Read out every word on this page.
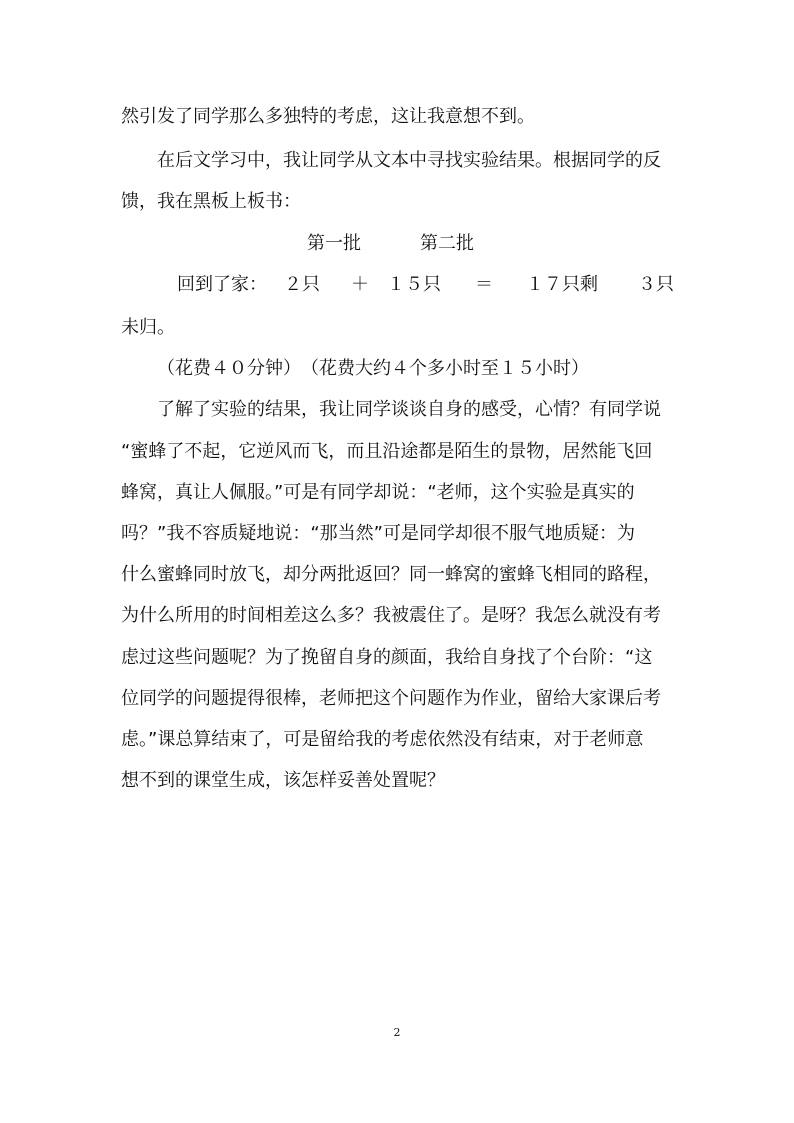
然引发了同学那么多独特的考虑，这让我意想不到。
在后文学习中，我让同学从文本中寻找实验结果。根据同学的反
馈，我在黑板上板书：
第一批	第二批
回到了家： ２只 ＋ １５只 ＝ １７只剩 ３只
未归。
（花费４０分钟）　（花费大约４个多小时至１５小时）
了解了实验的结果，我让同学谈谈自身的感受，心情？有同学说
“蜜蜂了不起，它逆风而飞，而且沿途都是陌生的景物，居然能飞回
蜂窝，真让人佩服。”可是有同学却说：“老师，这个实验是真实的
吗？”我不容质疑地说：“那当然”可是同学却很不服气地质疑：为
什么蜜蜂同时放飞，却分两批返回？同一蜂窝的蜜蜂飞相同的路程，
为什么所用的时间相差这么多？我被震住了。是呀？我怎么就没有考
虑过这些问题呢？为了挽留自身的颜面，我给自身找了个台阶：“这
位同学的问题提得很棒，老师把这个问题作为作业，留给大家课后考
虑。”课总算结束了，可是留给我的考虑依然没有结束，对于老师意
想不到的课堂生成，该怎样妥善处置呢？
2
